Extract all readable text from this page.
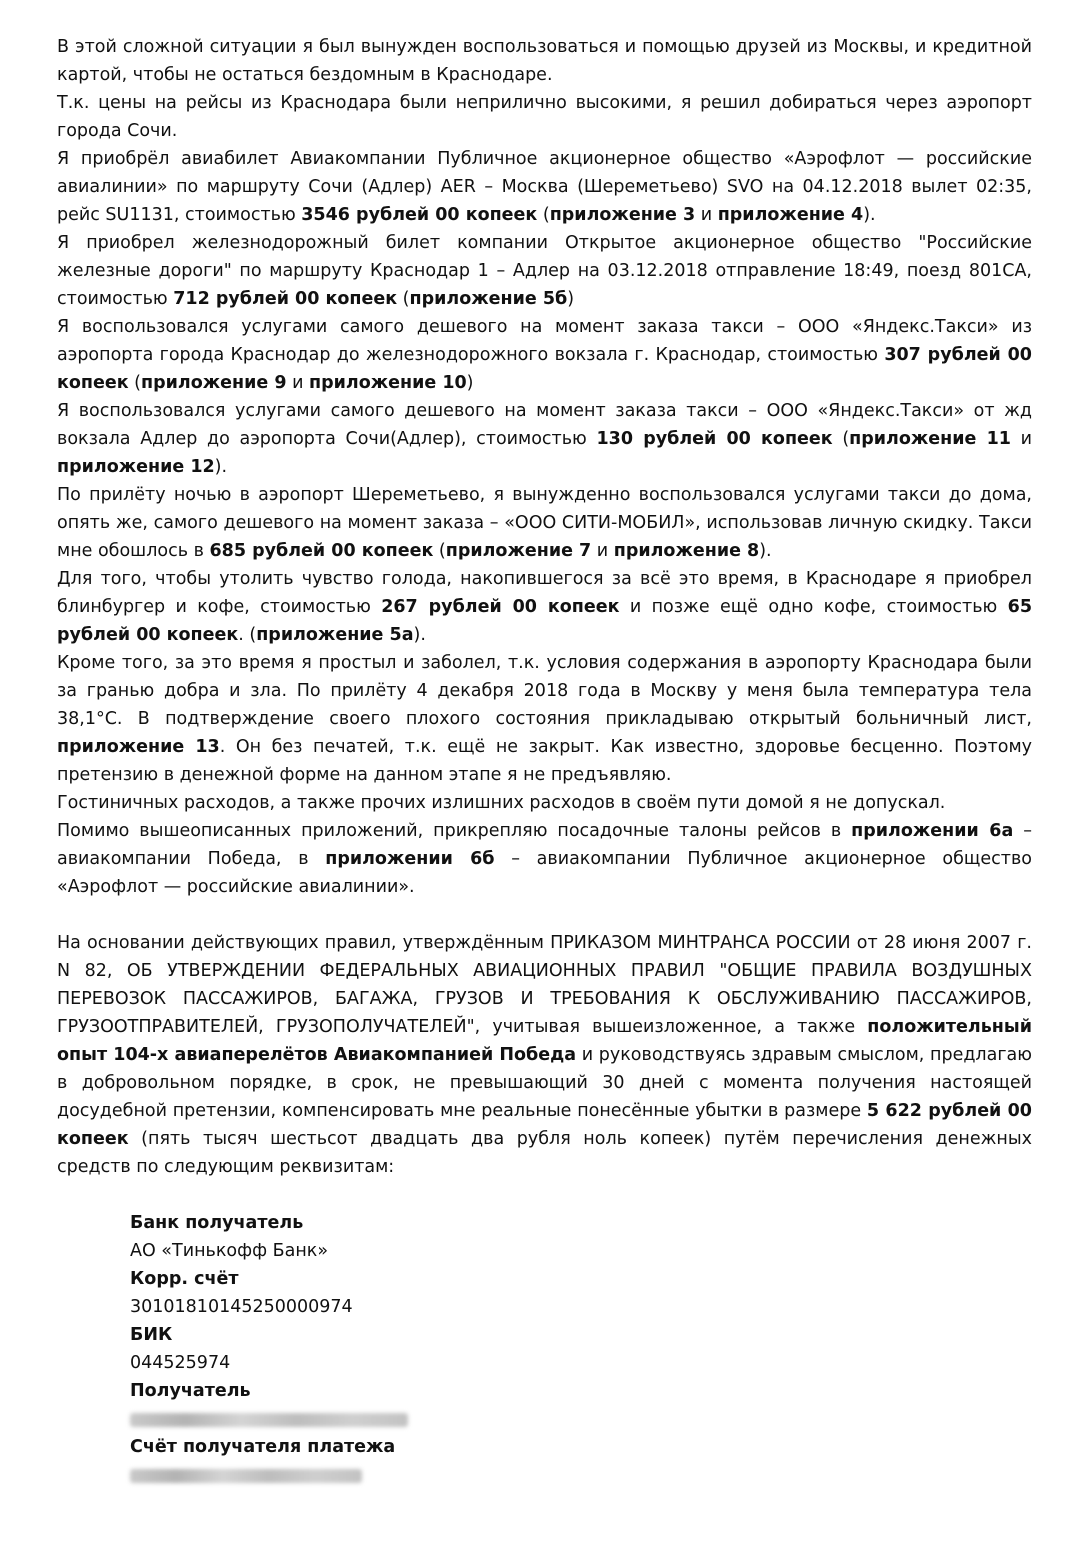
В этой сложной ситуации я был вынужден воспользоваться и помощью друзей из Москвы, и кредитной картой, чтобы не остаться бездомным в Краснодаре.

Т.к. цены на рейсы из Краснодара были неприлично высокими, я решил добираться через аэропорт города Сочи.

Я приобрёл авиабилет Авиакомпании Публичное акционерное общество «Аэрофлот — российские авиалинии» по маршруту Сочи (Адлер) AER – Москва (Шереметьево) SVO на 04.12.2018 вылет 02:35, рейс SU1131, стоимостью 3546 рублей 00 копеек (приложение 3 и приложение 4).

Я приобрел железнодорожный билет компании Открытое акционерное общество "Российские железные дороги" по маршруту Краснодар 1 – Адлер на 03.12.2018 отправление 18:49, поезд 801СА, стоимостью 712 рублей 00 копеек (приложение 5б)

Я воспользовался услугами самого дешевого на момент заказа такси – ООО «Яндекс.Такси» из аэропорта города Краснодар до железнодорожного вокзала г. Краснодар, стоимостью 307 рублей 00 копеек (приложение 9 и приложение 10)

Я воспользовался услугами самого дешевого на момент заказа такси – ООО «Яндекс.Такси» от жд вокзала Адлер до аэропорта Сочи(Адлер), стоимостью 130 рублей 00 копеек (приложение 11 и приложение 12).

По прилёту ночью в аэропорт Шереметьево, я вынужденно воспользовался услугами такси до дома, опять же, самого дешевого на момент заказа – «ООО СИТИ-МОБИЛ», использовав личную скидку. Такси мне обошлось в 685 рублей 00 копеек (приложение 7 и приложение 8).

Для того, чтобы утолить чувство голода, накопившегося за всё это время, в Краснодаре я приобрел блинбургер и кофе, стоимостью 267 рублей 00 копеек и позже ещё одно кофе, стоимостью 65 рублей 00 копеек. (приложение 5а).

Кроме того, за это время я простыл и заболел, т.к. условия содержания в аэропорту Краснодара были за гранью добра и зла. По прилёту 4 декабря 2018 года в Москву у меня была температура тела 38,1°C. В подтверждение своего плохого состояния прикладываю открытый больничный лист, приложение 13. Он без печатей, т.к. ещё не закрыт. Как известно, здоровье бесценно. Поэтому претензию в денежной форме на данном этапе я не предъявляю.

Гостиничных расходов, а также прочих излишних расходов в своём пути домой я не допускал.

Помимо вышеописанных приложений, прикрепляю посадочные талоны рейсов в приложении 6а – авиакомпании Победа, в приложении 6б – авиакомпании Публичное акционерное общество «Аэрофлот — российские авиалинии».

На основании действующих правил, утверждённым ПРИКАЗОМ МИНТРАНСА РОССИИ от 28 июня 2007 г. N 82, ОБ УТВЕРЖДЕНИИ ФЕДЕРАЛЬНЫХ АВИАЦИОННЫХ ПРАВИЛ "ОБЩИЕ ПРАВИЛА ВОЗДУШНЫХ ПЕРЕВОЗОК ПАССАЖИРОВ, БАГАЖА, ГРУЗОВ И ТРЕБОВАНИЯ К ОБСЛУЖИВАНИЮ ПАССАЖИРОВ, ГРУЗООТПРАВИТЕЛЕЙ, ГРУЗОПОЛУЧАТЕЛЕЙ", учитывая вышеизложенное, а также положительный опыт 104-х авиаперелётов Авиакомпанией Победа и руководствуясь здравым смыслом, предлагаю в добровольном порядке, в срок, не превышающий 30 дней с момента получения настоящей досудебной претензии, компенсировать мне реальные понесённые убытки в размере 5 622 рублей 00 копеек (пять тысяч шестьсот двадцать два рубля ноль копеек) путём перечисления денежных средств по следующим реквизитам:

Банк получатель

АО «Тинькофф Банк»

Корр. счёт

30101810145250000974

БИК

044525974

Получатель

Счёт получателя платежа
